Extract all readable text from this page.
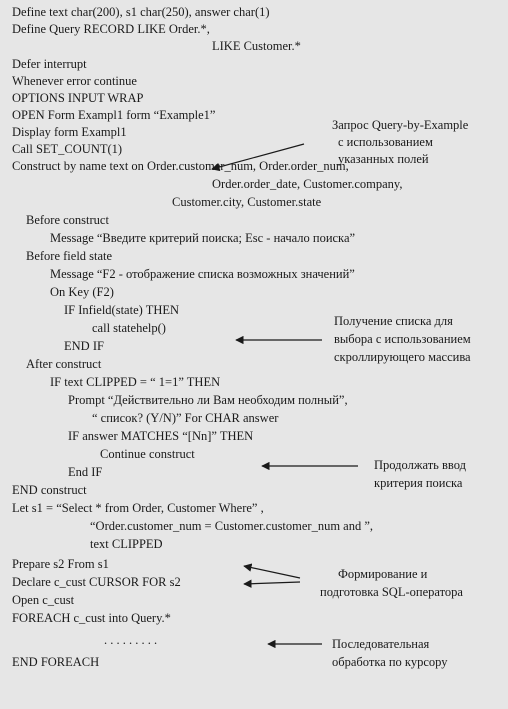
Define text char(200), s1 char(250), answer char(1)
Define Query RECORD LIKE Order.*,
LIKE Customer.*
Defer interrupt
Whenever error continue
OPTIONS INPUT WRAP
OPEN Form Exampl1 form “Example1”
Display form Exampl1
Call SET_COUNT(1)
Construct by name text on Order.customer_num, Order.order_num,
Order.order_date, Customer.company,
Customer.city, Customer.state
Before construct
Message “Введите критерий поиска; Esc - начало поиска”
Before field state
Message “F2 - отображение списка возможных значений”
On Key (F2)
IF Infield(state) THEN
call statehelp()
END IF
After construct
IF text CLIPPED = “ 1=1” THEN
Prompt “Действительно ли Вам необходим полный”,
“ список? (Y/N)” For CHAR answer
IF answer MATCHES “[Nn]” THEN
Continue construct
End IF
END construct
Let s1 = “Select * from Order, Customer Where” ,
“Order.customer_num = Customer.customer_num and ”,
text CLIPPED
Prepare s2 From s1
Declare c_cust CURSOR FOR s2
Open c_cust
FOREACH c_cust into Query.*
. . . . . . . . .
END FOREACH
Запрос Query-by-Example
с использованием
указанных полей
Получение списка для
выбора с использованием
скроллирующего массива
Продолжать ввод
критерия поиска
Формирование и
подготовка SQL-оператора
Последовательная
обработка по курсору
